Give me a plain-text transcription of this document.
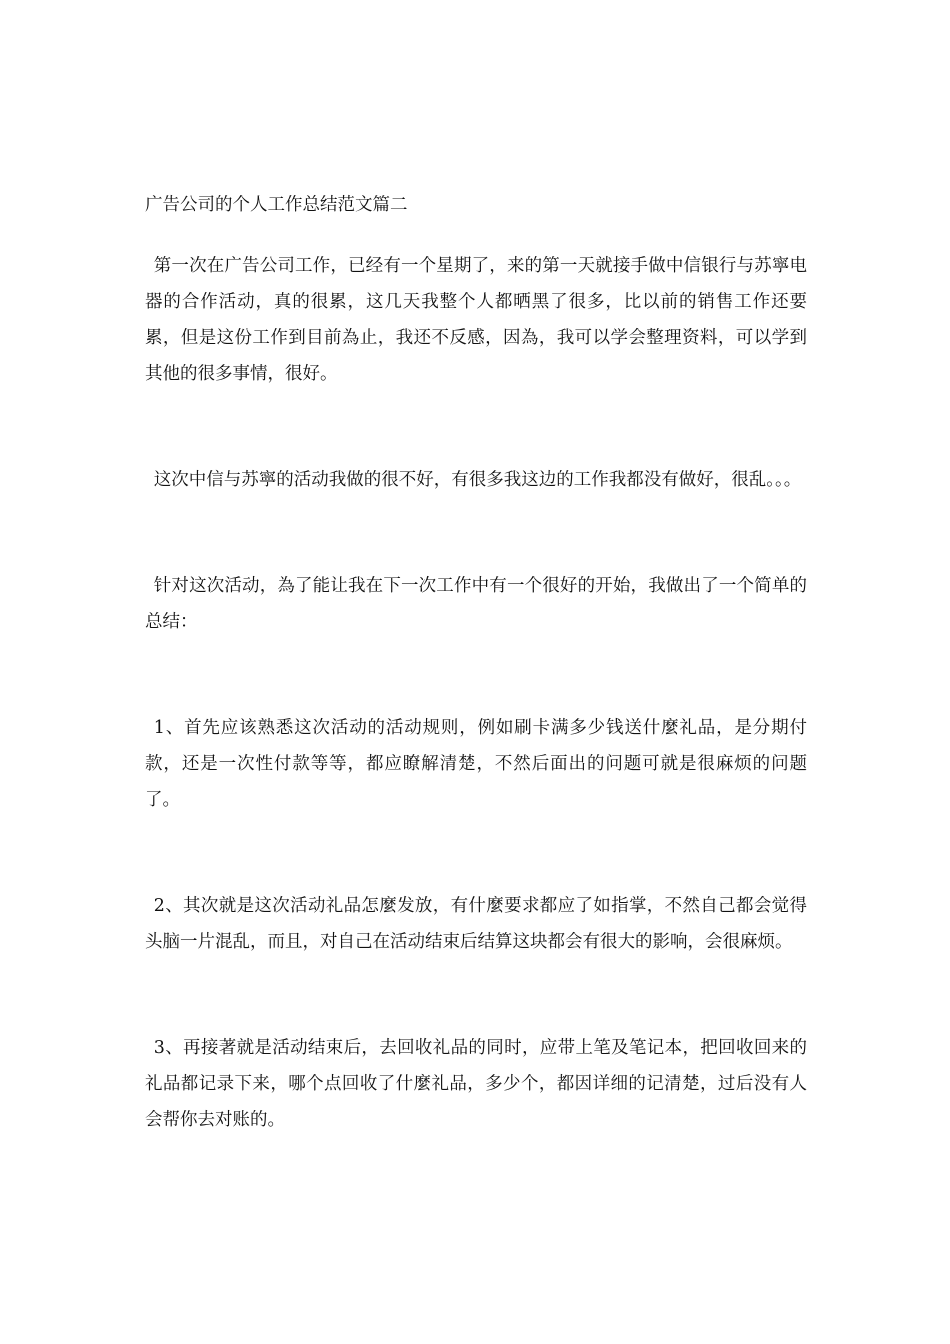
广告公司的个人工作总结范文篇二

第一次在广告公司工作，已经有一个星期了，来的第一天就接手做中信银行与苏寧电器的合作活动，真的很累，这几天我整个人都晒黑了很多，比以前的销售工作还要累，但是这份工作到目前為止，我还不反感，因為，我可以学会整理资料，可以学到其他的很多事情，很好。

这次中信与苏寧的活动我做的很不好，有很多我这边的工作我都没有做好，很乱。。。

针对这次活动，為了能让我在下一次工作中有一个很好的开始，我做出了一个简单的总结：

1、首先应该熟悉这次活动的活动规则，例如刷卡满多少钱送什麼礼品，是分期付款，还是一次性付款等等，都应瞭解清楚，不然后面出的问题可就是很麻烦的问题了。

2、其次就是这次活动礼品怎麼发放，有什麼要求都应了如指掌，不然自己都会觉得头脑一片混乱，而且，对自己在活动结束后结算这块都会有很大的影响，会很麻烦。

3、再接著就是活动结束后，去回收礼品的同时，应带上笔及笔记本，把回收回来的礼品都记录下来，哪个点回收了什麼礼品，多少个，都因详细的记清楚，过后没有人会帮你去对账的。
